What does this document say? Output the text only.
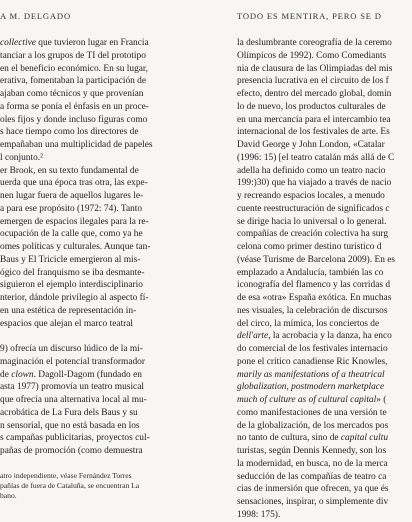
A M. DELGADO	TODO ES MENTIRA, PERO SE D

collective que tuvieron lugar en Francia

tanciar a los grupos de TI del prototipo

en el beneficio económico. En su lugar,

erativa, fomentaban la participación de

ajaban como técnicos y que provenían

a forma se ponía el énfasis en un proce-

oles fijos y donde incluso figuras como

s hace tiempo como los directores de

empañaban una multiplicidad de papeles

l conjunto.²

er Brook, en su texto fundamental de

uerda que una época tras otra, las expe-

nen lugar fuera de aquellos lugares le-

a para ese propósito (1972: 74). Tanto

emergen de espacios ilegales para la re-

ocupación de la calle que, como ya he

omes políticas y culturales. Aunque tan-

Baus y El Tricicle emergieron al mis-

ógico del franquismo se iba desmante-

siguieron el ejemplo interdisciplinario

nterior, dándole privilegio al aspecto fí-

en una estética de representación in-

espacios que alejan el marco teatral

9) ofrecía un discurso lúdico de la mi-

maginación el potencial transformador

de clown. Dagoll-Dagom (fundado en

asta 1977) promovía un teatro musical

que ofrecía una alternativa local al mu-

acrobática de La Fura dels Baus y su

n sensorial, que no está basada en los

s campañas publicitarias, proyectos cul-

pañas de promoción (como demuestra

atro independiente, véase Fernández Torres

pañías de fuera de Cataluña, se encuentran La

bano.

la deslumbrante coreografía de la ceremo

Olímpicos de 1992). Como Comediants

nia de clausura de las Olimpiadas del mis

presencia lucrativa en el circuito de los f

efecto, dentro del mercado global, domin

lo de nuevo, los productos culturales de

en una mercancía para el intercambio tea

internacional de los festivales de arte. Es

David George y John London, «Catalar

(1996: 15) [el teatro catalán más allá de C

adella ha definido como un teatro nacio

199:)30) que ha viajado a través de nacio

y recreando espacios locales, a menudo

cuente reestructuración de significados c

se dirige hacia lo universal o lo general.

compañías de creación colectiva ha surg

celona como primer destino turístico d

(véase Turisme de Barcelona 2009). En es

emplazado a Andalucía, también las co

iconografía del flamenco y las corridas d

de esa «otra» España exótica. En muchas

nes visuales, la celebración de discursos

del circo, la mímica, los conciertos de

dell'arte, la acrobacia y la danza, ha enco

do comercial de los festivales internacio

pone el crítico canadiense Ric Knowles,

marily as manifestations of a theatrical

globalization, postmodern marketplace

much of culture as of cultural capital» (

como manifestaciones de una versión te

de la globalización, de los mercados pos

no tanto de cultura, sino de capital cultu

turistas, según Dennis Kennedy, son los

la modernidad, en busca, no de la merca

seducción de las compañías de teatro ca

cias de inmersión que ofrecen, ya que és

sensaciones, inspirar, o simplemente div

1998: 175).
